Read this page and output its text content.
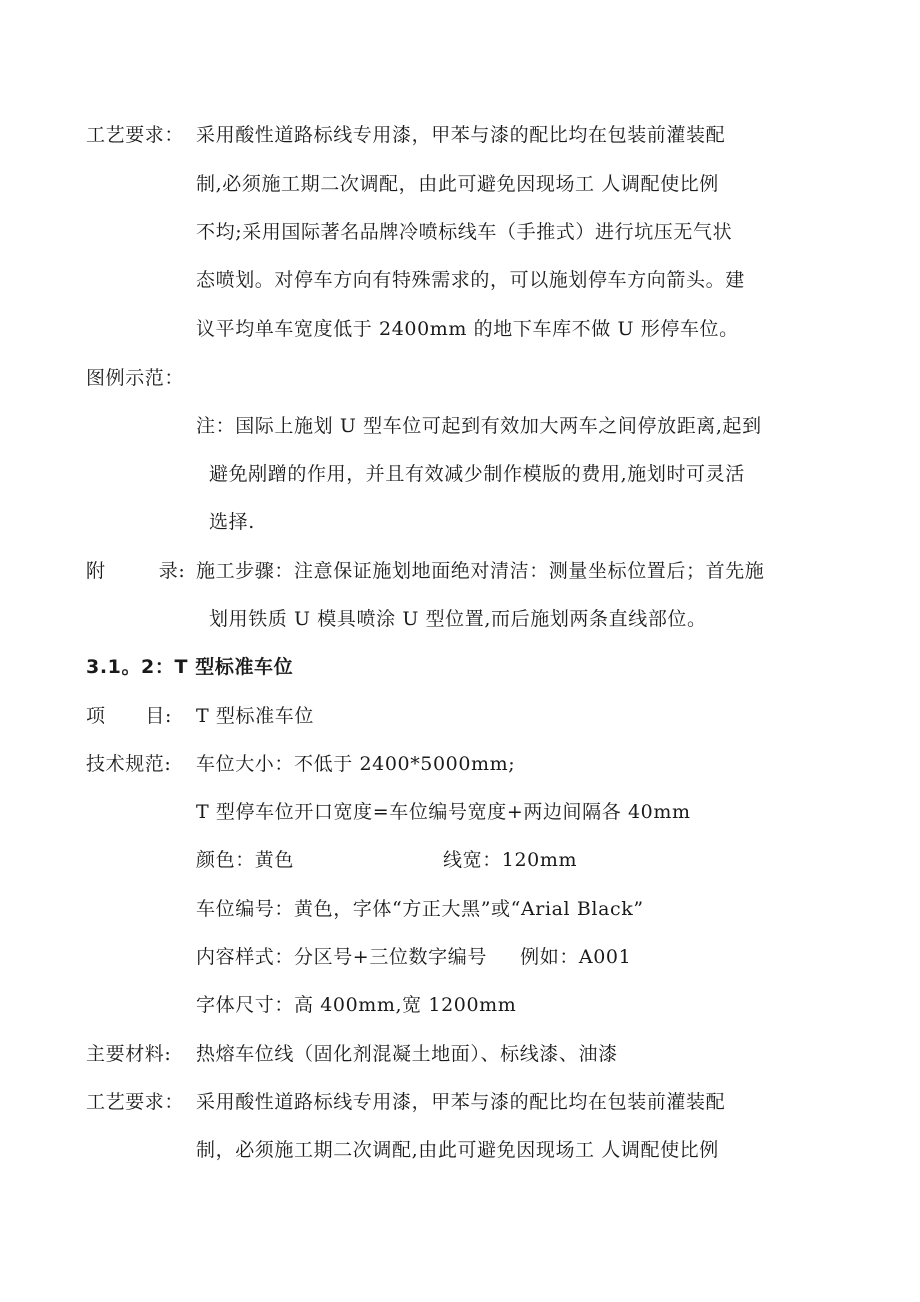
工艺要求： 采用酸性道路标线专用漆，甲苯与漆的配比均在包装前灌装配
制,必须施工期二次调配，由此可避免因现场工 人调配使比例
不均;采用国际著名品牌冷喷标线车（手推式）进行坑压无气状
态喷划。对停车方向有特殊需求的，可以施划停车方向箭头。建
议平均单车宽度低于 2400mm 的地下车库不做 U 形停车位。
图例示范：
注：国际上施划 U 型车位可起到有效加大两车之间停放距离,起到
避免剐蹭的作用，并且有效减少制作模版的费用,施划时可灵活
选择.
附        录: 施工步骤：注意保证施划地面绝对清洁：测量坐标位置后；首先施
划用铁质 U 模具喷涂 U 型位置,而后施划两条直线部位。
3.1。2：T 型标准车位
项      目: T 型标准车位
技术规范: 车位大小：不低于 2400*5000mm;
T 型停车位开口宽度=车位编号宽度+两边间隔各 40mm
颜色：黄色	线宽：120mm
车位编号：黄色，字体“方正大黑”或“Arial Black”
内容样式：分区号+三位数字编号     例如：A001
字体尺寸：高 400mm,宽 1200mm
主要材料: 热熔车位线（固化剂混凝土地面）、标线漆、油漆
工艺要求： 采用酸性道路标线专用漆，甲苯与漆的配比均在包装前灌装配
制，必须施工期二次调配,由此可避免因现场工 人调配使比例
